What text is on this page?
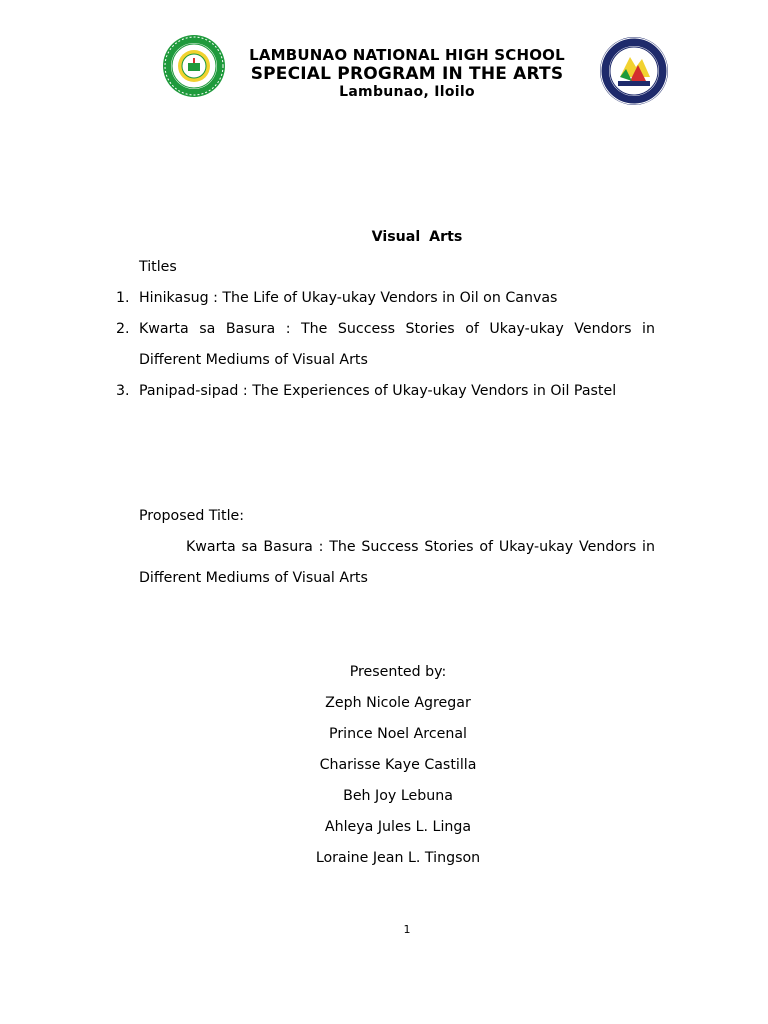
LAMBUNAO NATIONAL HIGH SCHOOL
SPECIAL PROGRAM IN THE ARTS
Lambunao, Iloilo
Visual Arts
Titles
1. Hinikasug : The Life of Ukay-ukay Vendors in Oil on Canvas
2. Kwarta sa Basura : The Success Stories of Ukay-ukay Vendors in
Different Mediums of Visual Arts
3. Panipad-sipad : The Experiences of Ukay-ukay Vendors in Oil Pastel
Proposed Title:
Kwarta sa Basura : The Success Stories of Ukay-ukay Vendors in
Different Mediums of Visual Arts
Presented by:
Zeph Nicole Agregar
Prince Noel Arcenal
Charisse Kaye Castilla
Beh Joy Lebuna
Ahleya Jules L. Linga
Loraine Jean L. Tingson
1
